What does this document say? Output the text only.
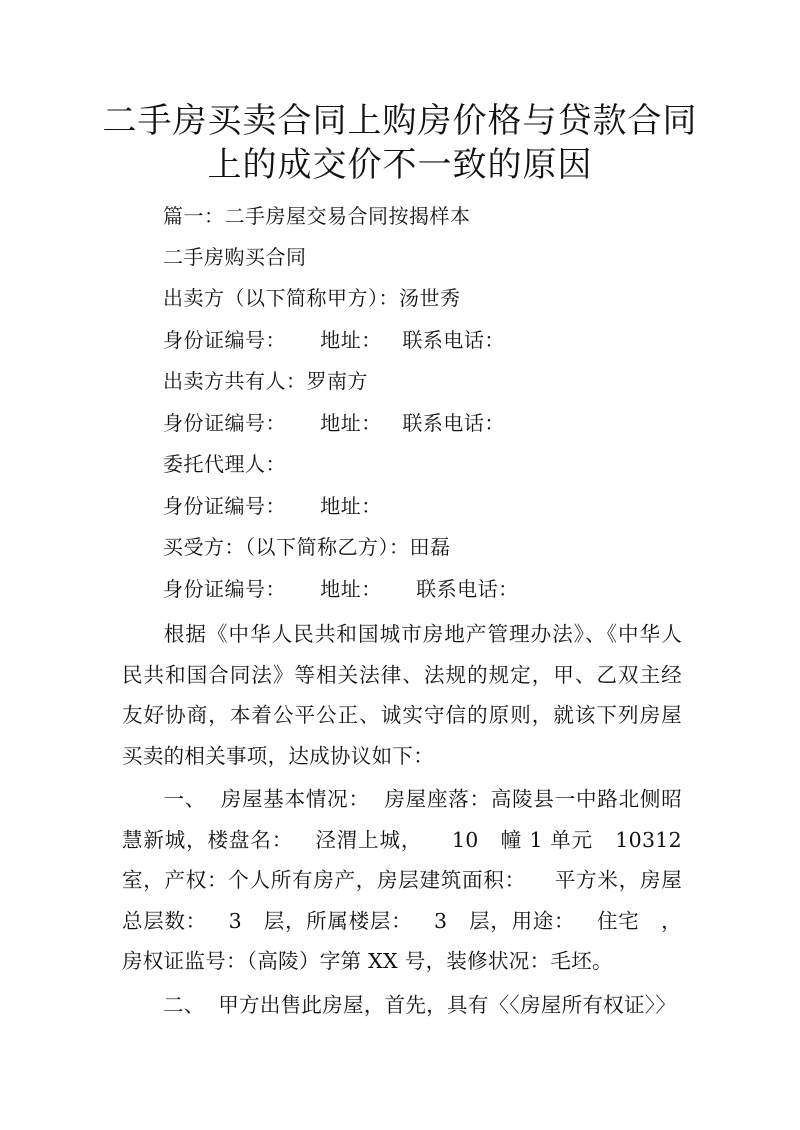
二手房买卖合同上购房价格与贷款合同
上的成交价不一致的原因
篇一：二手房屋交易合同按揭样本
二手房购买合同
出卖方（以下简称甲方）：汤世秀
身份证编号：     地址：   联系电话：
出卖方共有人：罗南方
身份证编号：     地址：   联系电话：
委托代理人：
身份证编号：     地址：
买受方：（以下简称乙方）：田磊
身份证编号：     地址：     联系电话：

根据《中华人民共和国城市房地产管理办法》、《中华人民共和国合同法》等相关法律、法规的规定，甲、乙双主经友好协商，本着公平公正、诚实守信的原则，就该下列房屋买卖的相关事项，达成协议如下：

一、  房屋基本情况：  房屋座落：高陵县一中路北侧昭慧新城，楼盘名：   泾渭上城，    10   幢 1 单元   10312 室，产权：个人所有房产，房层建筑面积：    平方米，房屋总层数：   3   层，所属楼层：   3   层，用途：   住宅   ，房权证监号：（高陵）字第 XX 号，装修状况：毛坯。

二、  甲方出售此房屋，首先，具有〈〈房屋所有权证〉〉
